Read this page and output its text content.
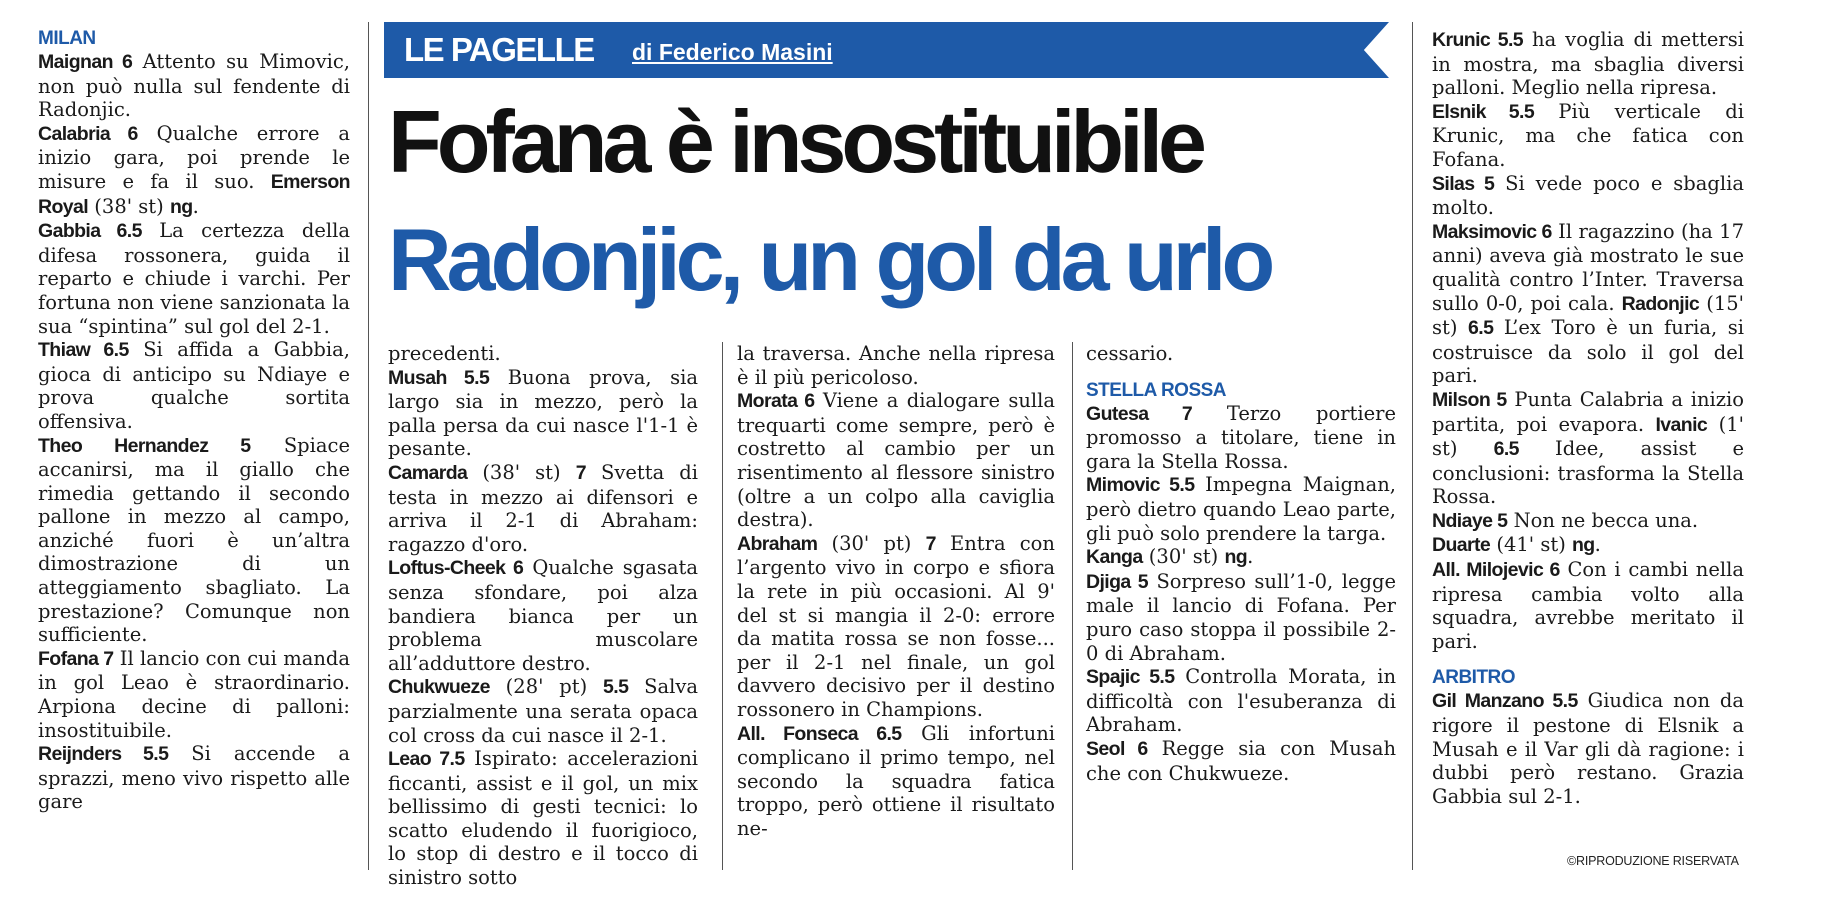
LE PAGELLE di Federico Masini
Fofana è insostituibile
Radonjic, un gol da urlo

MILAN

Maignan 6 Attento su Mimovic, non può nulla sul fendente di Radonjic.

Calabria 6 Qualche errore a inizio gara, poi prende le misure e fa il suo. Emerson Royal (38' st) ng.

Gabbia 6.5 La certezza della difesa rossonera, guida il reparto e chiude i varchi. Per fortuna non viene sanzionata la sua “spintina” sul gol del 2-1.

Thiaw 6.5 Si affida a Gabbia, gioca di anticipo su Ndiaye e prova qualche sortita offensiva.

Theo Hernandez 5 Spiace accanirsi, ma il giallo che rimedia gettando il secondo pallone in mezzo al campo, anziché fuori è un’altra dimostrazione di un atteggiamento sbagliato. La prestazione? Comunque non sufficiente.

Fofana 7 Il lancio con cui manda in gol Leao è straordinario. Arpiona decine di palloni: insostituibile.

Reijnders 5.5 Si accende a sprazzi, meno vivo rispetto alle gare

precedenti.

Musah 5.5 Buona prova, sia largo sia in mezzo, però la palla persa da cui nasce l'1-1 è pesante.

Camarda (38' st) 7 Svetta di testa in mezzo ai difensori e arriva il 2-1 di Abraham: ragazzo d'oro.

Loftus-Cheek 6 Qualche sgasata senza sfondare, poi alza bandiera bianca per un problema muscolare all’adduttore destro.

Chukwueze (28' pt) 5.5 Salva parzialmente una serata opaca col cross da cui nasce il 2-1.

Leao 7.5 Ispirato: accelerazioni ficcanti, assist e il gol, un mix bellissimo di gesti tecnici: lo scatto eludendo il fuorigioco, lo stop di destro e il tocco di sinistro sotto

la traversa. Anche nella ripresa è il più pericoloso.

Morata 6 Viene a dialogare sulla trequarti come sempre, però è costretto al cambio per un risentimento al flessore sinistro (oltre a un colpo alla caviglia destra).

Abraham (30' pt) 7 Entra con l’argento vivo in corpo e sfiora la rete in più occasioni. Al 9' del st si mangia il 2-0: errore da matita rossa se non fosse... per il 2-1 nel finale, un gol davvero decisivo per il destino rossonero in Champions.

All. Fonseca 6.5 Gli infortuni complicano il primo tempo, nel secondo la squadra fatica troppo, però ottiene il risultato ne-

cessario.

STELLA ROSSA

Gutesa 7 Terzo portiere promosso a titolare, tiene in gara la Stella Rossa.

Mimovic 5.5 Impegna Maignan, però dietro quando Leao parte, gli può solo prendere la targa.

Kanga (30' st) ng.

Djiga 5 Sorpreso sull’1-0, legge male il lancio di Fofana. Per puro caso stoppa il possibile 2-0 di Abraham.

Spajic 5.5 Controlla Morata, in difficoltà con l'esuberanza di Abraham.

Seol 6 Regge sia con Musah che con Chukwueze.

Krunic 5.5 ha voglia di mettersi in mostra, ma sbaglia diversi palloni. Meglio nella ripresa.

Elsnik 5.5 Più verticale di Krunic, ma che fatica con Fofana.

Silas 5 Si vede poco e sbaglia molto.

Maksimovic 6 Il ragazzino (ha 17 anni) aveva già mostrato le sue qualità contro l’Inter. Traversa sullo 0-0, poi cala. Radonjic (15' st) 6.5 L’ex Toro è un furia, si costruisce da solo il gol del pari.

Milson 5 Punta Calabria a inizio partita, poi evapora. Ivanic (1' st) 6.5 Idee, assist e conclusioni: trasforma la Stella Rossa.

Ndiaye 5 Non ne becca una.

Duarte (41' st) ng.

All. Milojevic 6 Con i cambi nella ripresa cambia volto alla squadra, avrebbe meritato il pari.

ARBITRO

Gil Manzano 5.5 Giudica non da rigore il pestone di Elsnik a Musah e il Var gli dà ragione: i dubbi però restano. Grazia Gabbia sul 2-1.

©RIPRODUZIONE RISERVATA
